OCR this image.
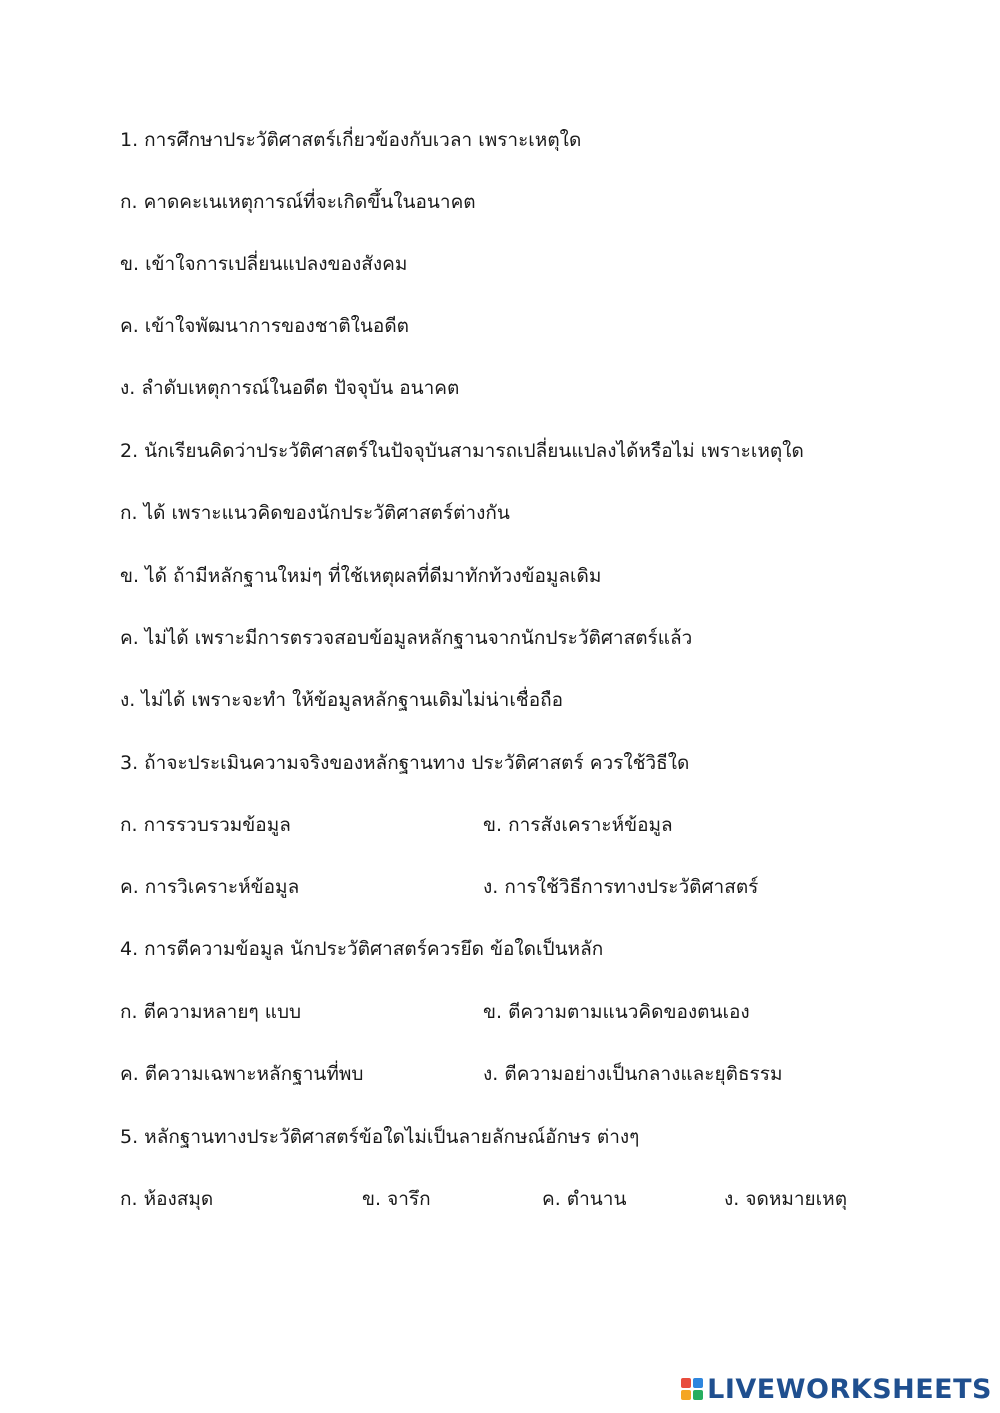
1. การศึกษาประวัติศาสตร์เกี่ยวข้องกับเวลา เพราะเหตุใด
ก. คาดคะเนเหตุการณ์ที่จะเกิดขึ้นในอนาคต
ข. เข้าใจการเปลี่ยนแปลงของสังคม
ค. เข้าใจพัฒนาการของชาติในอดีต
ง. ลำดับเหตุการณ์ในอดีต ปัจจุบัน อนาคต
2. นักเรียนคิดว่าประวัติศาสตร์ในปัจจุบันสามารถเปลี่ยนแปลงได้หรือไม่ เพราะเหตุใด
ก. ได้ เพราะแนวคิดของนักประวัติศาสตร์ต่างกัน
ข. ได้ ถ้ามีหลักฐานใหม่ๆ ที่ใช้เหตุผลที่ดีมาทักท้วงข้อมูลเดิม
ค. ไม่ได้ เพราะมีการตรวจสอบข้อมูลหลักฐานจากนักประวัติศาสตร์แล้ว
ง. ไม่ได้ เพราะจะทำ ให้ข้อมูลหลักฐานเดิมไม่น่าเชื่อถือ
3. ถ้าจะประเมินความจริงของหลักฐานทาง ประวัติศาสตร์ ควรใช้วิธีใด
ก. การรวบรวมข้อมูล	ข. การสังเคราะห์ข้อมูล
ค. การวิเคราะห์ข้อมูล	ง. การใช้วิธีการทางประวัติศาสตร์
4. การตีความข้อมูล นักประวัติศาสตร์ควรยึด ข้อใดเป็นหลัก
ก. ตีความหลายๆ แบบ	ข. ตีความตามแนวคิดของตนเอง
ค. ตีความเฉพาะหลักฐานที่พบ	ง. ตีความอย่างเป็นกลางและยุติธรรม
5. หลักฐานทางประวัติศาสตร์ข้อใดไม่เป็นลายลักษณ์อักษร ต่างๆ
ก. ห้องสมุด	ข. จารึก	ค. ตำนาน	ง. จดหมายเหตุ
LIVEWORKSHEETS
